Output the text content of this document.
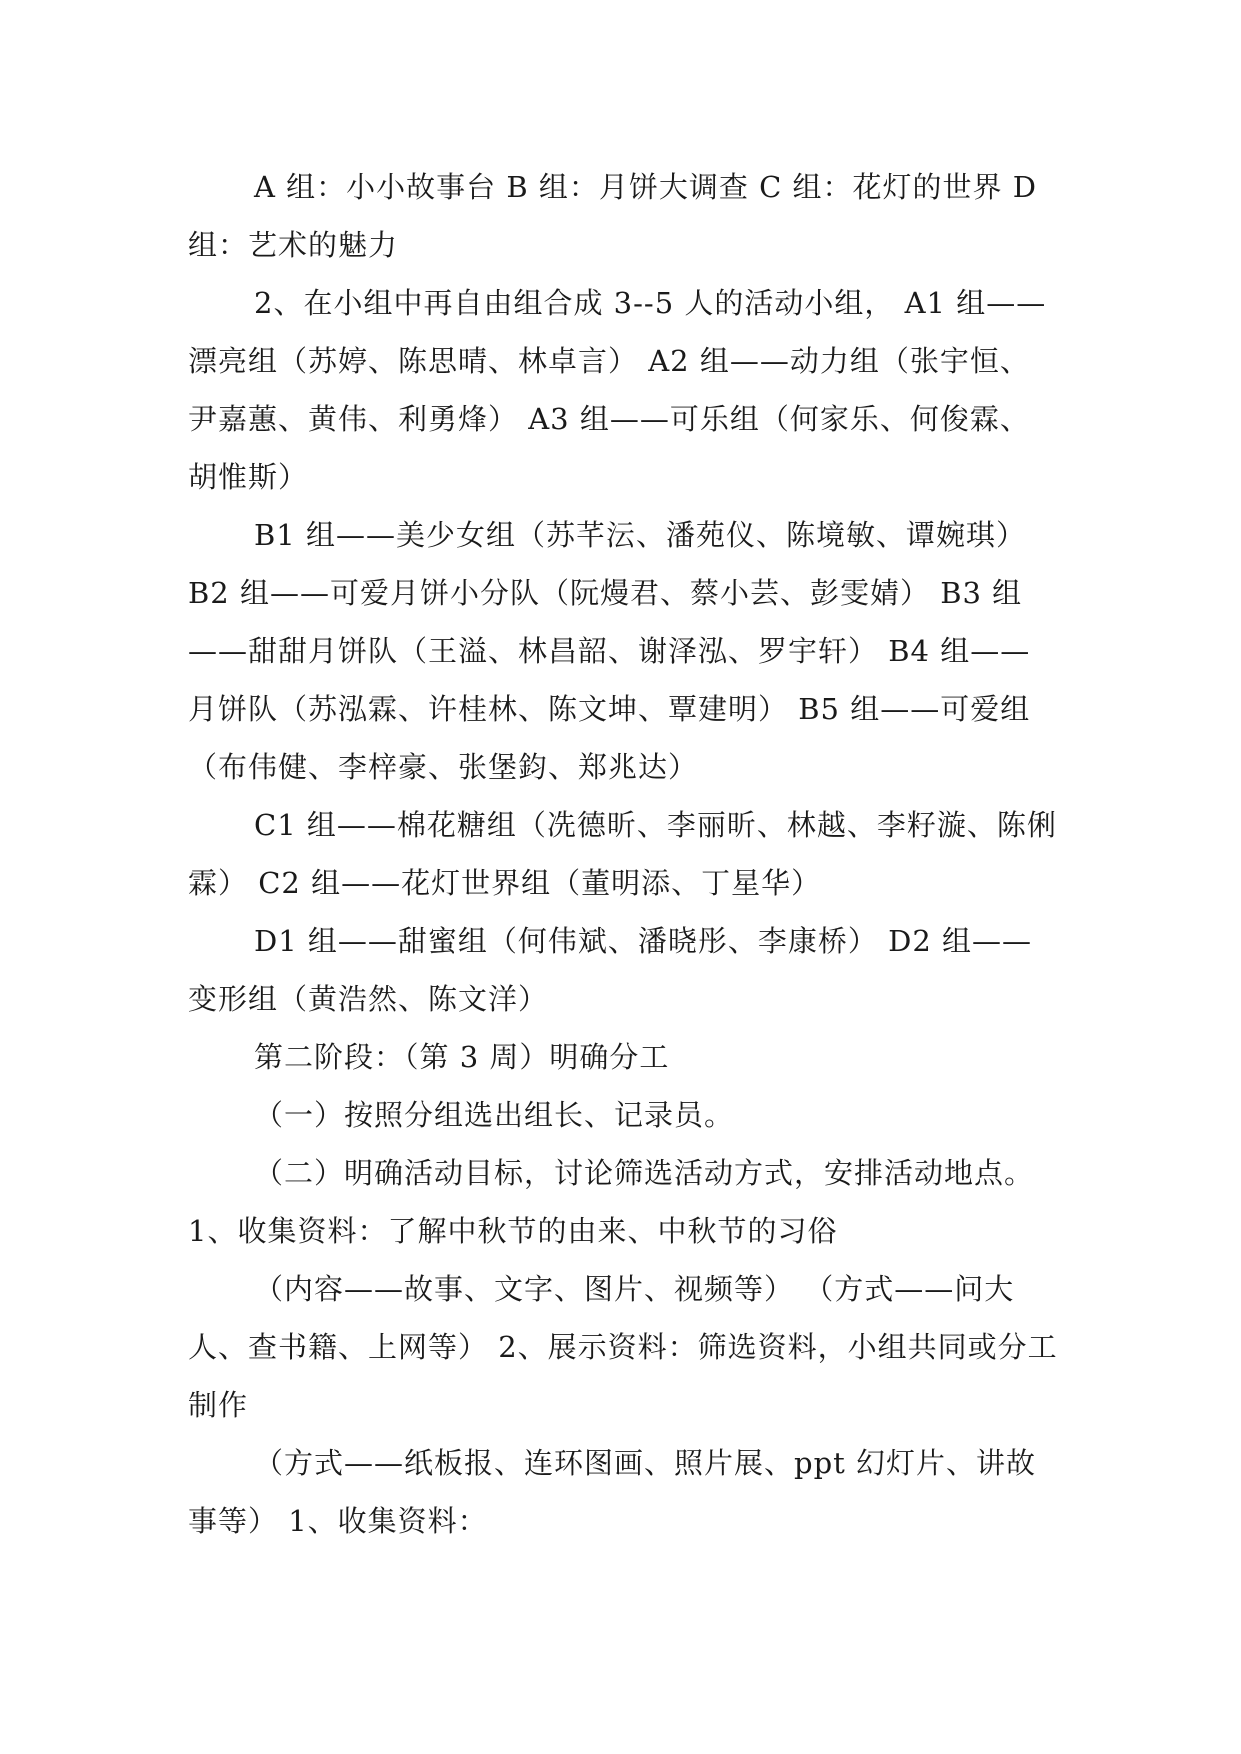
A 组：小小故事台 B 组：月饼大调查 C 组：花灯的世界 D 组：艺术的魅力

2、在小组中再自由组合成 3--5 人的活动小组， A1 组——漂亮组（苏婷、陈思晴、林卓言） A2 组——动力组（张宇恒、尹嘉蕙、黄伟、利勇烽） A3 组——可乐组（何家乐、何俊霖、胡惟斯）

B1 组——美少女组（苏芊沄、潘苑仪、陈境敏、谭婉琪） B2 组——可爱月饼小分队（阮熳君、蔡小芸、彭雯婧） B3 组——甜甜月饼队（王溢、林昌韶、谢泽泓、罗宇轩） B4 组——月饼队（苏泓霖、许桂林、陈文坤、覃建明） B5 组——可爱组（布伟健、李梓豪、张堡鈞、郑兆达）

C1 组——棉花糖组（冼德昕、李丽昕、林越、李籽漩、陈俐霖） C2 组——花灯世界组（董明添、丁星华）

D1 组——甜蜜组（何伟斌、潘晓彤、李康桥） D2 组——变形组（黄浩然、陈文洋）

第二阶段：（第 3 周）明确分工

（一）按照分组选出组长、记录员。

（二）明确活动目标，讨论筛选活动方式，安排活动地点。 1、收集资料：了解中秋节的由来、中秋节的习俗

（内容——故事、文字、图片、视频等） （方式——问大人、查书籍、上网等） 2、展示资料：筛选资料，小组共同或分工制作

（方式——纸板报、连环图画、照片展、ppt 幻灯片、讲故事等） 1、收集资料：
